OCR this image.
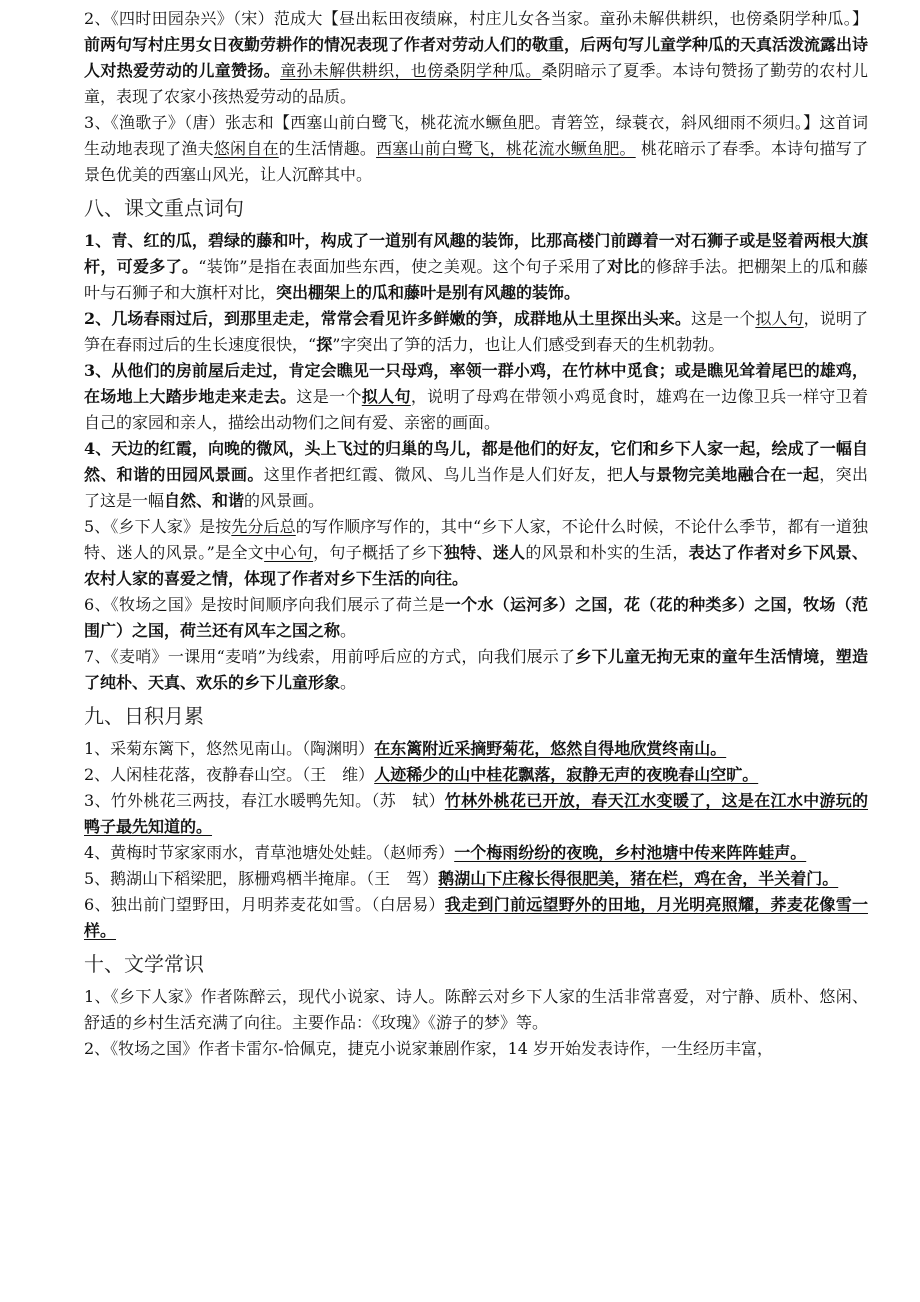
2、《四时田园杂兴》（宋）范成大【昼出耘田夜绩麻，村庄儿女各当家。童孙未解供耕织，也傍桑阴学种瓜。】前两句写村庄男女日夜勤劳耕作的情况表现了作者对劳动人们的敬重，后两句写儿童学种瓜的天真活泼流露出诗人对热爱劳动的儿童赞扬。童孙未解供耕织，也傍桑阴学种瓜。桑阴暗示了夏季。本诗句赞扬了勤劳的农村儿童，表现了农家小孩热爱劳动的品质。

3、《渔歌子》（唐）张志和【西塞山前白鹭飞，桃花流水鳜鱼肥。青箬笠，绿蓑衣，斜风细雨不须归。】这首词生动地表现了渔夫悠闲自在的生活情趣。西塞山前白鹭飞，桃花流水鳜鱼肥。 桃花暗示了春季。本诗句描写了景色优美的西塞山风光，让人沉醉其中。

八、课文重点词句

1、青、红的瓜，碧绿的藤和叶，构成了一道别有风趣的装饰，比那高楼门前蹲着一对石狮子或是竖着两根大旗杆，可爱多了。“装饰”是指在表面加些东西，使之美观。这个句子采用了对比的修辞手法。把棚架上的瓜和藤叶与石狮子和大旗杆对比，突出棚架上的瓜和藤叶是别有风趣的装饰。

2、几场春雨过后，到那里走走，常常会看见许多鲜嫩的笋，成群地从土里探出头来。这是一个拟人句，说明了笋在春雨过后的生长速度很快，“探”字突出了笋的活力，也让人们感受到春天的生机勃勃。

3、从他们的房前屋后走过，肯定会瞧见一只母鸡，率领一群小鸡，在竹林中觅食；或是瞧见耸着尾巴的雄鸡，在场地上大踏步地走来走去。这是一个拟人句，说明了母鸡在带领小鸡觅食时，雄鸡在一边像卫兵一样守卫着自己的家园和亲人，描绘出动物们之间有爱、亲密的画面。

4、天边的红霞，向晚的微风，头上飞过的归巢的鸟儿，都是他们的好友，它们和乡下人家一起，绘成了一幅自然、和谐的田园风景画。这里作者把红霞、微风、鸟儿当作是人们好友，把人与景物完美地融合在一起，突出了这是一幅自然、和谐的风景画。

5、《乡下人家》是按先分后总的写作顺序写作的，其中“乡下人家，不论什么时候，不论什么季节，都有一道独特、迷人的风景。”是全文中心句，句子概括了乡下独特、迷人的风景和朴实的生活，表达了作者对乡下风景、农村人家的喜爱之情，体现了作者对乡下生活的向往。

6、《牧场之国》是按时间顺序向我们展示了荷兰是一个水（运河多）之国，花（花的种类多）之国，牧场（范围广）之国，荷兰还有风车之国之称。

7、《麦哨》一课用“麦哨”为线索，用前呼后应的方式，向我们展示了乡下儿童无拘无束的童年生活情境，塑造了纯朴、天真、欢乐的乡下儿童形象。

九、日积月累

1、采菊东篱下，悠然见南山。（陶渊明）在东篱附近采摘野菊花，悠然自得地欣赏终南山。

2、人闲桂花落，夜静春山空。（王　维）人迹稀少的山中桂花飘落，寂静无声的夜晚春山空旷。

3、竹外桃花三两技，春江水暖鸭先知。（苏　轼）竹林外桃花已开放，春天江水变暖了，这是在江水中游玩的鸭子最先知道的。

4、黄梅时节家家雨水，青草池塘处处蛙。（赵师秀）一个梅雨纷纷的夜晚，乡村池塘中传来阵阵蛙声。

5、鹅湖山下稻梁肥，豚栅鸡栖半掩扉。（王　驾）鹅湖山下庄稼长得很肥美，猪在栏，鸡在舍，半关着门。

6、独出前门望野田，月明荞麦花如雪。（白居易）我走到门前远望野外的田地，月光明亮照耀，荞麦花像雪一样。

十、文学常识

1、《乡下人家》作者陈醉云，现代小说家、诗人。陈醉云对乡下人家的生活非常喜爱，对宁静、质朴、悠闲、舒适的乡村生活充满了向往。主要作品：《玫瑰》《游子的梦》等。

2、《牧场之国》作者卡雷尔-恰佩克，捷克小说家兼剧作家，14 岁开始发表诗作，一生经历丰富，
